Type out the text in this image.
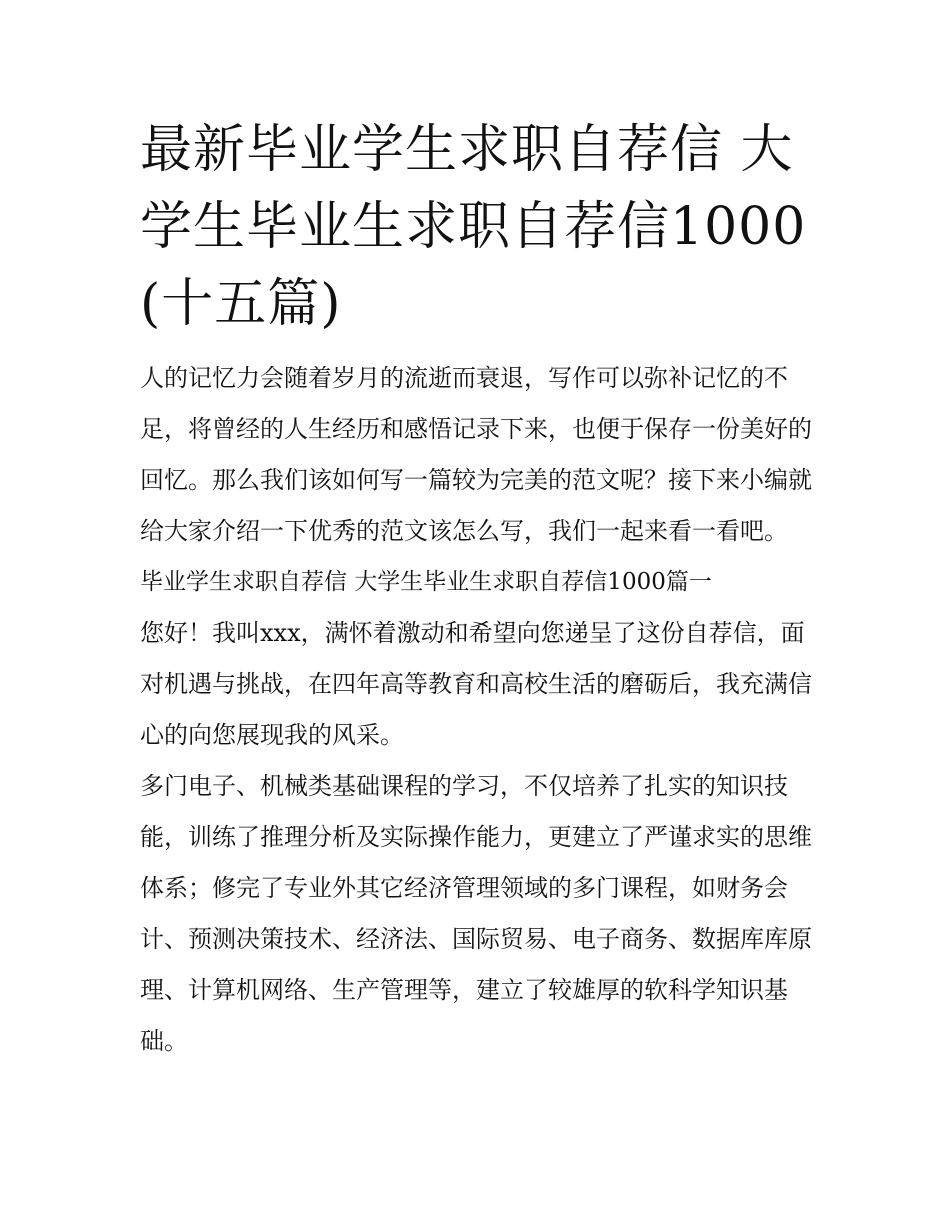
最新毕业学生求职自荐信 大学生毕业生求职自荐信1000(十五篇)

人的记忆力会随着岁月的流逝而衰退，写作可以弥补记忆的不足，将曾经的人生经历和感悟记录下来，也便于保存一份美好的回忆。那么我们该如何写一篇较为完美的范文呢？接下来小编就给大家介绍一下优秀的范文该怎么写，我们一起来看一看吧。

毕业学生求职自荐信 大学生毕业生求职自荐信1000篇一

您好！我叫xxx，满怀着激动和希望向您递呈了这份自荐信，面对机遇与挑战，在四年高等教育和高校生活的磨砺后，我充满信心的向您展现我的风采。

多门电子、机械类基础课程的学习，不仅培养了扎实的知识技能，训练了推理分析及实际操作能力，更建立了严谨求实的思维体系；修完了专业外其它经济管理领域的多门课程，如财务会计、预测决策技术、经济法、国际贸易、电子商务、数据库库原理、计算机网络、生产管理等，建立了较雄厚的软科学知识基础。
